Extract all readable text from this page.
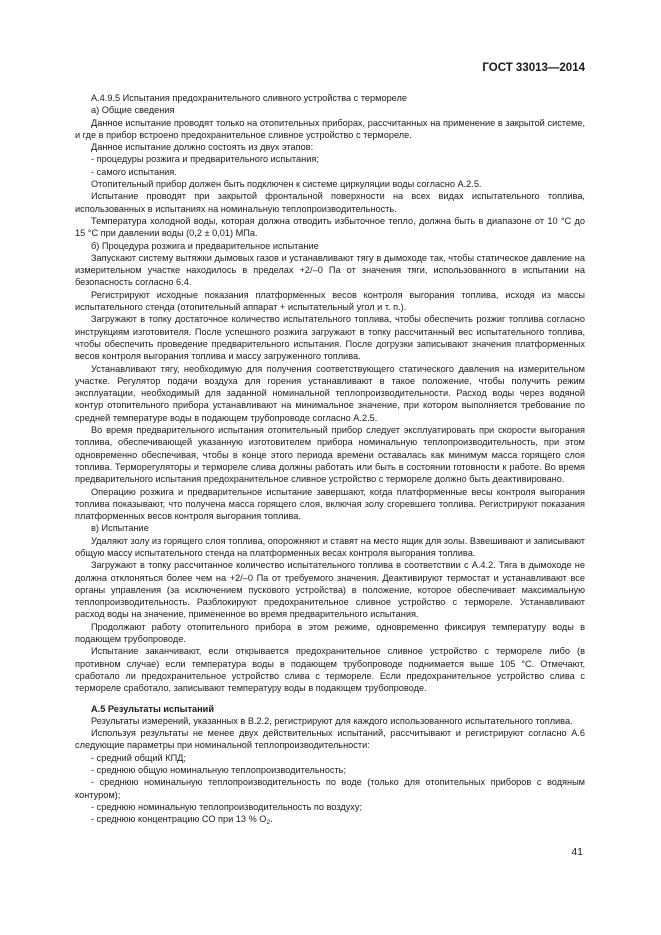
ГОСТ 33013—2014

А.4.9.5 Испытания предохранительного сливного устройства с термореле

а) Общие сведения

Данное испытание проводят только на отопительных приборах, рассчитанных на применение в закрытой системе, и где в прибор встроено предохранительное сливное устройство с термореле.

Данное испытание должно состоять из двух этапов:

- процедуры розжига и предварительного испытания;

- самого испытания.

Отопительный прибор должен быть подключен к системе циркуляции воды согласно А.2.5.

Испытание проводят при закрытой фронтальной поверхности на всех видах испытательного топлива, использованных в испытаниях на номинальную теплопроизводительность.

Температура холодной воды, которая должна отводить избыточное тепло, должна быть в диапазоне от 10 °С до 15 °С при давлении воды (0,2 ± 0,01) МПа.

б) Процедура розжига и предварительное испытание

Запускают систему вытяжки дымовых газов и устанавливают тягу в дымоходе так, чтобы статическое давление на измерительном участке находилось в пределах +2/–0 Па от значения тяги, использованного в испытании на безопасность согласно 6.4.

Регистрируют исходные показания платформенных весов контроля выгорания топлива, исходя из массы испытательного стенда (отопительный аппарат + испытательный угол и т. п.).

Загружают в топку достаточное количество испытательного топлива, чтобы обеспечить розжиг топлива согласно инструкциям изготовителя. После успешного розжига загружают в топку рассчитанный вес испытательного топлива, чтобы обеспечить проведение предварительного испытания. После догрузки записывают значения платформенных весов контроля выгорания топлива и массу загруженного топлива.

Устанавливают тягу, необходимую для получения соответствующего статического давления на измерительном участке. Регулятор подачи воздуха для горения устанавливают в такое положение, чтобы получить режим эксплуатации, необходимый для заданной номинальной теплопроизводительности. Расход воды через водяной контур отопительного прибора устанавливают на минимальное значение, при котором выполняется требование по средней температуре воды в подающем трубопроводе согласно А.2.5.

Во время предварительного испытания отопительный прибор следует эксплуатировать при скорости выгорания топлива, обеспечивающей указанную изготовителем прибора номинальную теплопроизводительность, при этом одновременно обеспечивая, чтобы в конце этого периода времени оставалась как минимум масса горящего слоя топлива. Терморегуляторы и термореле слива должны работать или быть в состоянии готовности к работе. Во время предварительного испытания предохранительное сливное устройство с термореле должно быть деактивировано.

Операцию розжига и предварительное испытание завершают, когда платформенные весы контроля выгорания топлива показывают, что получена масса горящего слоя, включая золу сгоревшего топлива. Регистрируют показания платформенных весов контроля выгорания топлива.

в) Испытание

Удаляют золу из горящего слоя топлива, опорожняют и ставят на место ящик для золы. Взвешивают и записывают общую массу испытательного стенда на платформенных весах контроля выгорания топлива.

Загружают в топку рассчитанное количество испытательного топлива в соответствии с А.4.2. Тяга в дымоходе не должна отклоняться более чем на +2/–0 Па от требуемого значения. Деактивируют термостат и устанавливают все органы управления (за исключением пускового устройства) в положение, которое обеспечивает максимальную теплопроизводительность. Разблокируют предохранительное сливное устройство с термореле. Устанавливают расход воды на значение, примененное во время предварительного испытания.

Продолжают работу отопительного прибора в этом режиме, одновременно фиксируя температуру воды в подающем трубопроводе.

Испытание заканчивают, если открывается предохранительное сливное устройство с термореле либо (в противном случае) если температура воды в подающем трубопроводе поднимается выше 105 °С. Отмечают, сработало ли предохранительное устройство слива с термореле. Если предохранительное устройство слива с термореле сработало, записывают температуру воды в подающем трубопроводе.

А.5 Результаты испытаний

Результаты измерений, указанных в В.2.2, регистрируют для каждого использованного испытательного топлива.

Используя результаты не менее двух действительных испытаний, рассчитывают и регистрируют согласно А.6 следующие параметры при номинальной теплопроизводительности:

- средний общий КПД;

- среднюю общую номинальную теплопроизводительность;

- среднюю номинальную теплопроизводительность по воде (только для отопительных приборов с водяным контуром);

- среднюю номинальную теплопроизводительность по воздуху;

- среднюю концентрацию СО при 13 % $О_2$.

41
